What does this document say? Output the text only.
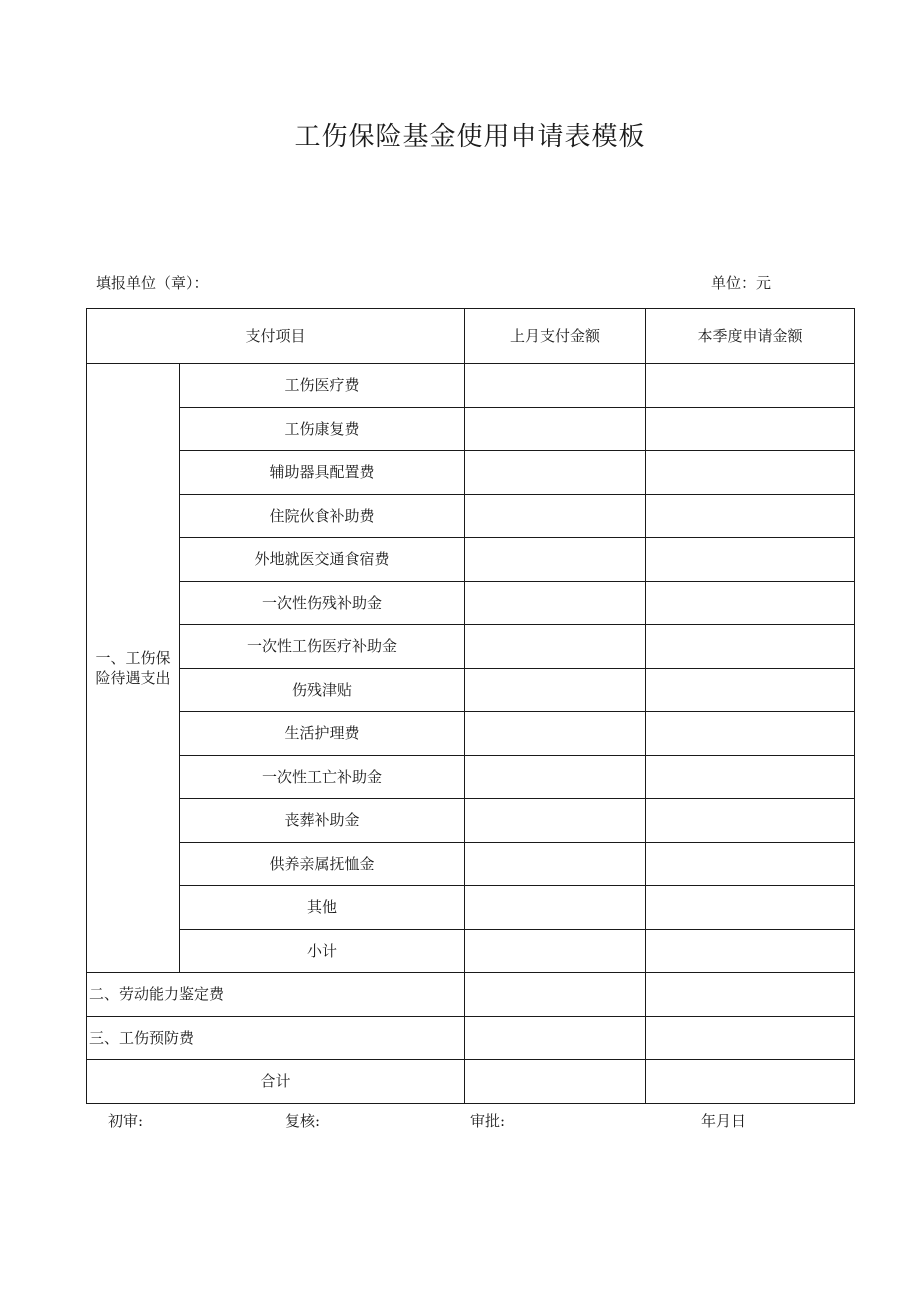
工伤保险基金使用申请表模板
填报单位（章）：	单位：元
支付项目		上月支付金额	本季度申请金额
一、工伤保险待遇支出	工伤医疗费		
	工伤康复费		
	辅助器具配置费		
	住院伙食补助费		
	外地就医交通食宿费		
	一次性伤残补助金		
	一次性工伤医疗补助金		
	伤残津贴		
	生活护理费		
	一次性工亡补助金		
	丧葬补助金		
	供养亲属抚恤金		
	其他		
	小计		
二、劳动能力鉴定费			
三、工伤预防费			
合计			
初审:	复核:	审批:	年月日
